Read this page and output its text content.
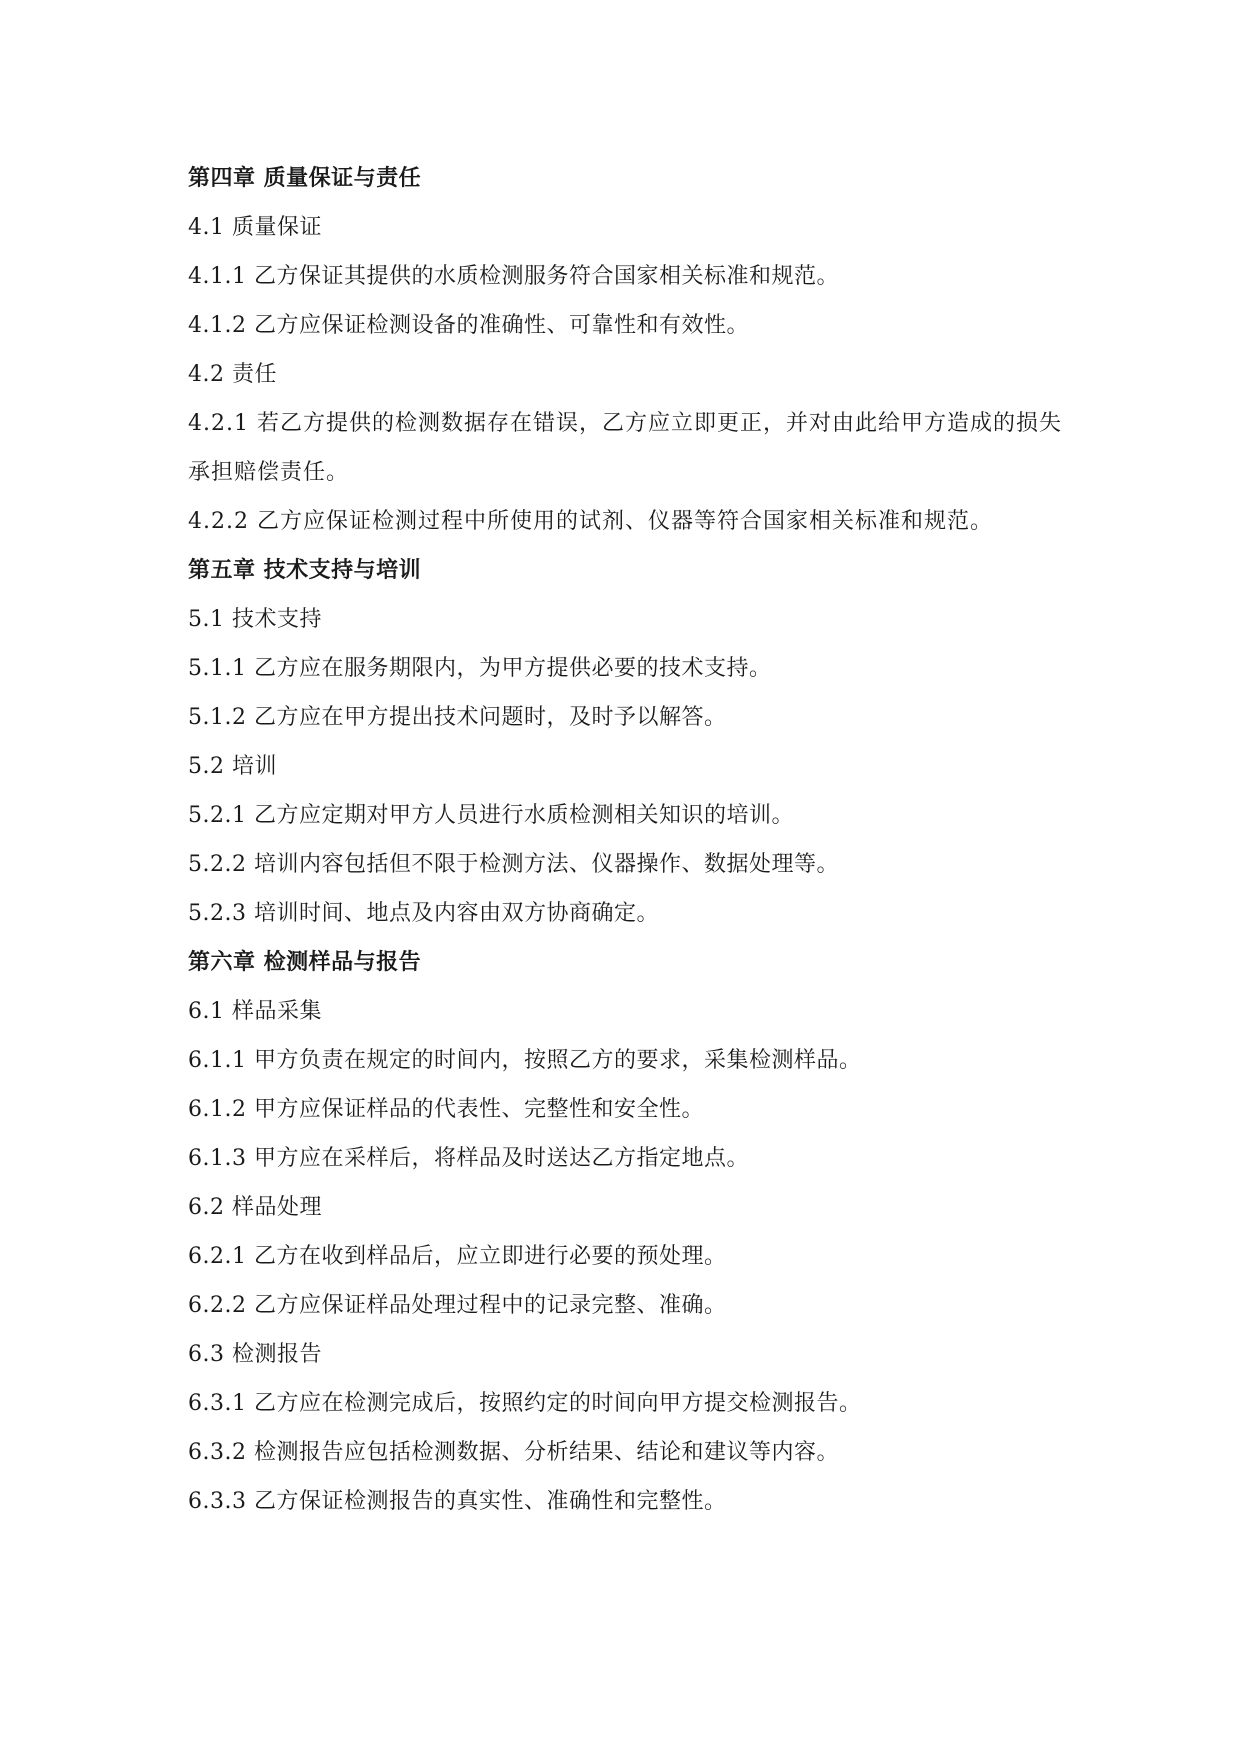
第四章 质量保证与责任
4.1 质量保证
4.1.1 乙方保证其提供的水质检测服务符合国家相关标准和规范。
4.1.2 乙方应保证检测设备的准确性、可靠性和有效性。
4.2 责任
4.2.1 若乙方提供的检测数据存在错误，乙方应立即更正，并对由此给甲方造成的损失承担赔偿责任。
4.2.2 乙方应保证检测过程中所使用的试剂、仪器等符合国家相关标准和规范。
第五章 技术支持与培训
5.1 技术支持
5.1.1 乙方应在服务期限内，为甲方提供必要的技术支持。
5.1.2 乙方应在甲方提出技术问题时，及时予以解答。
5.2 培训
5.2.1 乙方应定期对甲方人员进行水质检测相关知识的培训。
5.2.2 培训内容包括但不限于检测方法、仪器操作、数据处理等。
5.2.3 培训时间、地点及内容由双方协商确定。
第六章 检测样品与报告
6.1 样品采集
6.1.1 甲方负责在规定的时间内，按照乙方的要求，采集检测样品。
6.1.2 甲方应保证样品的代表性、完整性和安全性。
6.1.3 甲方应在采样后，将样品及时送达乙方指定地点。
6.2 样品处理
6.2.1 乙方在收到样品后，应立即进行必要的预处理。
6.2.2 乙方应保证样品处理过程中的记录完整、准确。
6.3 检测报告
6.3.1 乙方应在检测完成后，按照约定的时间向甲方提交检测报告。
6.3.2 检测报告应包括检测数据、分析结果、结论和建议等内容。
6.3.3 乙方保证检测报告的真实性、准确性和完整性。
